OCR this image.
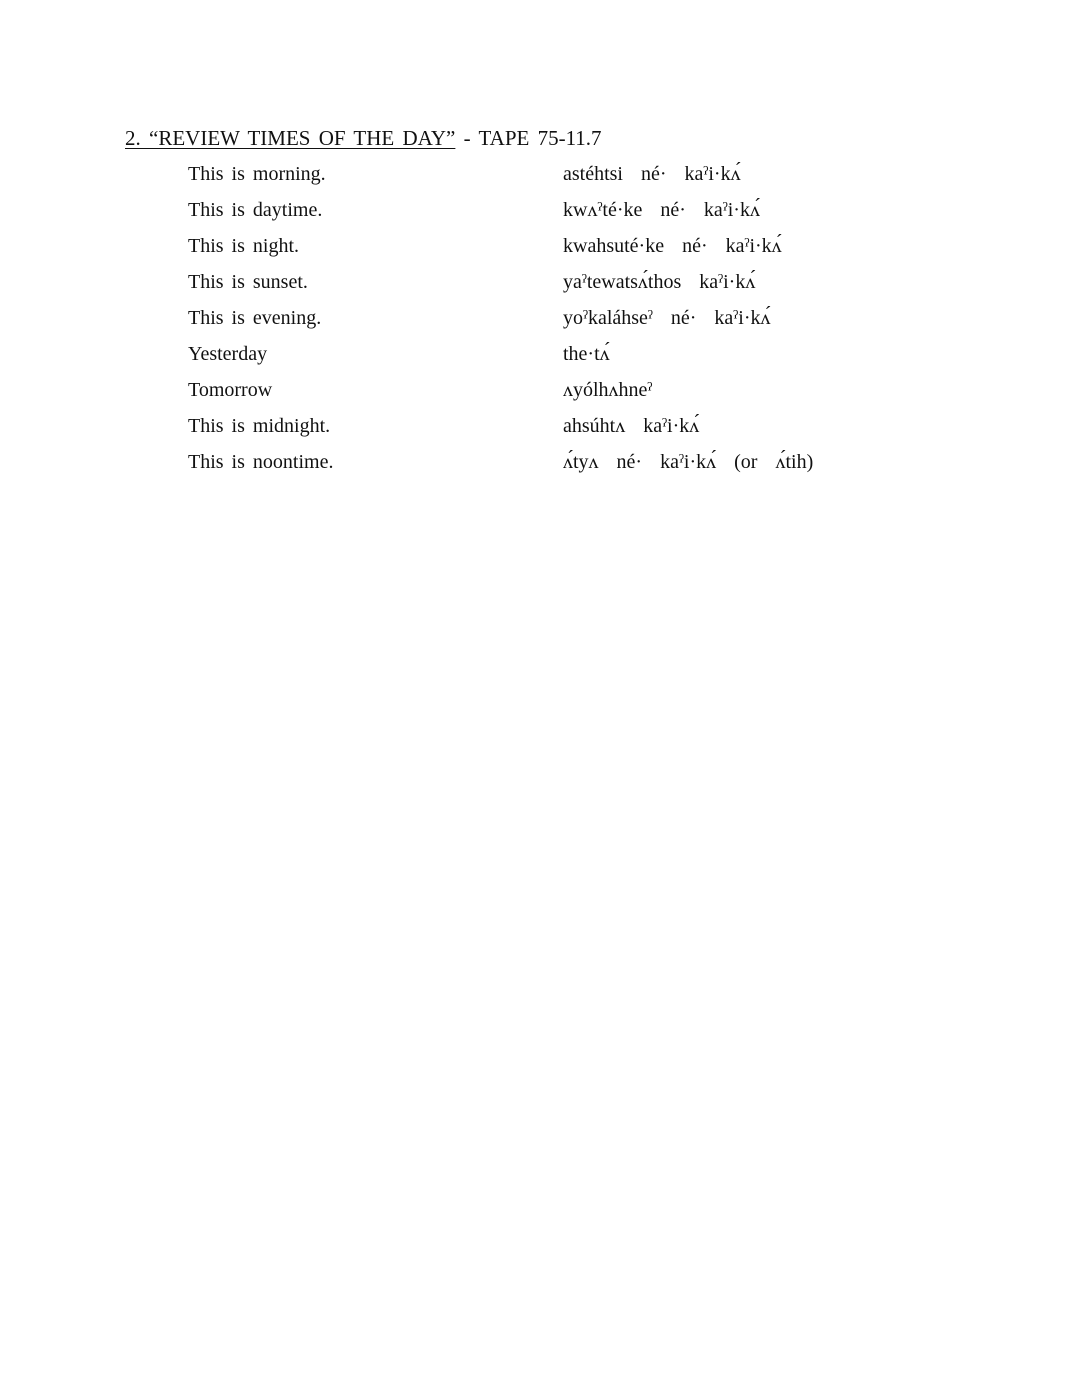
2. “REVIEW TIMES OF THE DAY” - TAPE 75-11.7
This is morning.	astéhtsi  né·  kaˀi·kʌ́
This is daytime.	kwʌˀté·ke  né·  kaˀi·kʌ́
This is night.	kwahsuté·ke  né·  kaˀi·kʌ́
This is sunset.	yaˀtewatsʌ́thos  kaˀi·kʌ́
This is evening.	yoˀkaláhseˀ  né·  kaˀi·kʌ́
Yesterday	the·tʌ́
Tomorrow	ʌyólhʌhneˀ
This is midnight.	ahsúhtʌ  kaˀi·kʌ́
This is noontime.	ʌ́tyʌ  né·  kaˀi·kʌ́  (or  ʌ́tih)
